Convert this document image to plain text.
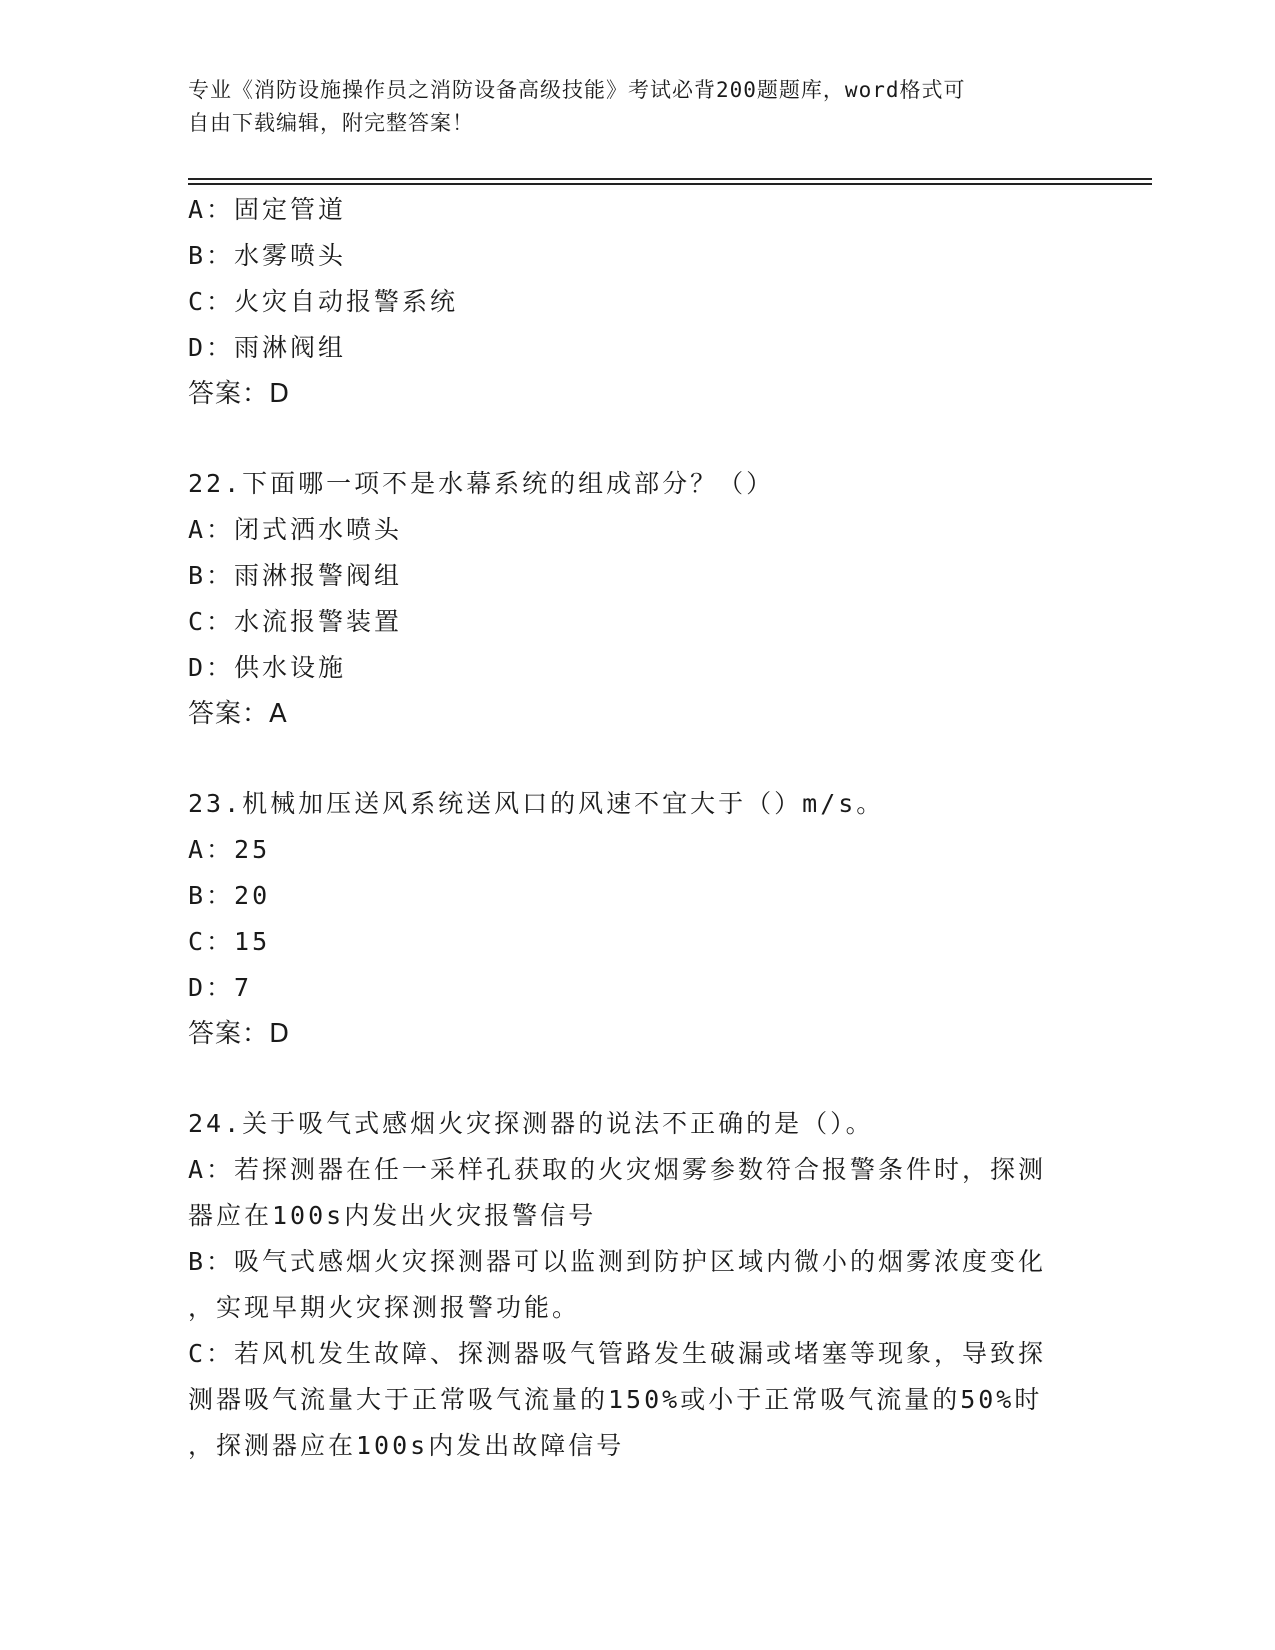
专业《消防设施操作员之消防设备高级技能》考试必背200题题库，word格式可
自由下载编辑，附完整答案！
A：固定管道
B：水雾喷头
C：火灾自动报警系统
D：雨淋阀组
答案：D
22.下面哪一项不是水幕系统的组成部分？（）
A：闭式洒水喷头
B：雨淋报警阀组
C：水流报警装置
D：供水设施
答案：A
23.机械加压送风系统送风口的风速不宜大于（）m/s。
A：25
B：20
C：15
D：7
答案：D
24.关于吸气式感烟火灾探测器的说法不正确的是（）。
A：若探测器在任一采样孔获取的火灾烟雾参数符合报警条件时，探测
器应在100s内发出火灾报警信号
B：吸气式感烟火灾探测器可以监测到防护区域内微小的烟雾浓度变化
，实现早期火灾探测报警功能。
C：若风机发生故障、探测器吸气管路发生破漏或堵塞等现象，导致探
测器吸气流量大于正常吸气流量的150%或小于正常吸气流量的50%时
，探测器应在100s内发出故障信号
